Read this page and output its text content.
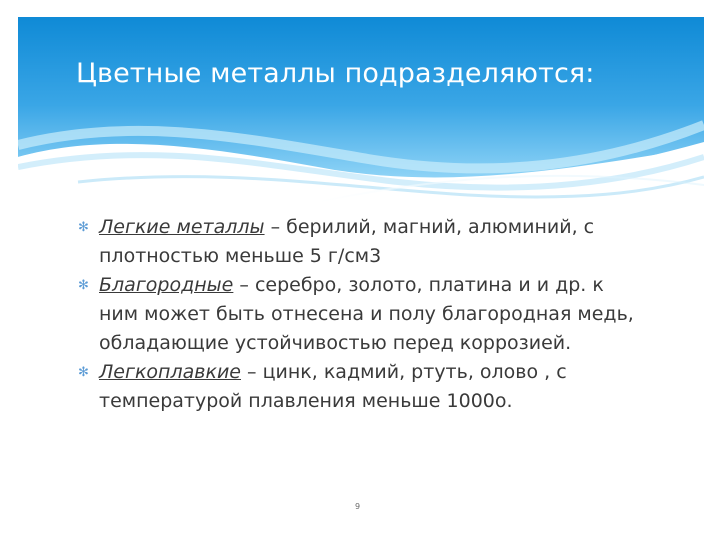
Цветные металлы подразделяются:
✻ Легкие металлы – берилий, магний, алюминий, с плотностью меньше 5 г/см3
✻ Благородные – серебро, золото, платина и и др. к ним может быть отнесена и полу благородная медь, обладающие устойчивостью перед коррозией.
✻ Легкоплавкие – цинк, кадмий, ртуть, олово , с температурой плавления меньше 1000о.
9
